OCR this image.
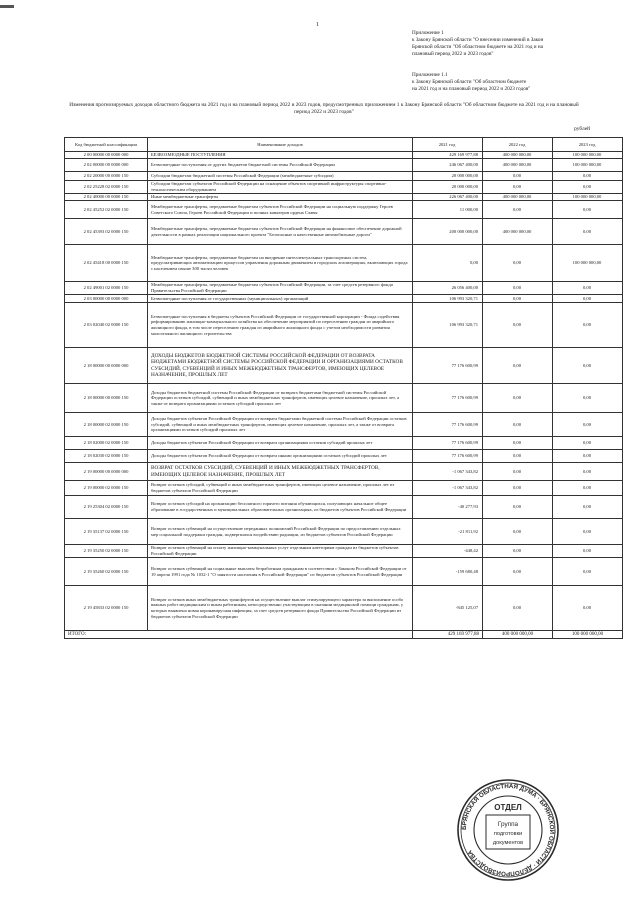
1
Приложение 1
к Закону Брянской области "О внесении изменений в Закон
Брянской области "Об областном бюджете на 2021 год и на
плановый период 2022 и 2023 годов"
Приложение 1.1
к Закону Брянской области "Об областном бюджете
на 2021 год и на плановый период 2022 и 2023 годов"
Изменения прогнозируемых доходов областного бюджета на 2021 год и на плановый период 2022 и 2023 годов, предусмотренных приложением 1 к Закону Брянской области "Об областном бюджете на 2021 год и на плановый период 2022 и 2023 годов"
рублей
Код бюджетной классификации	Наименование доходов	2021 год	2022 год	2023 год
2 00 00000 00 0000 000	БЕЗВОЗМЕЗДНЫЕ ПОСТУПЛЕНИЯ	429 169 977,88	400 000 000,00	100 000 000,00
2 02 00000 00 0000 000	Безвозмездные поступления от других бюджетов бюджетной системы Российской Федерации	246 067 400,00	400 000 000,00	100 000 000,00
2 02 20000 00 0000 150	Субсидии бюджетам бюджетной системы Российской Федерации (межбюджетные субсидии)	20 000 000,00	0,00	0,00
2 02 25228 02 0000 150	Субсидии бюджетам субъектов Российской Федерации на оснащение объектов спортивной инфраструктуры спортивно-технологическим оборудованием	20 000 000,00	0,00	0,00
2 02 40000 00 0000 150	Иные межбюджетные трансферты	226 067 400,00	400 000 000,00	100 000 000,00
2 02 45252 02 0000 150	Межбюджетные трансферты, передаваемые бюджетам субъектов Российской Федерации на социальную поддержку Героев Советского Союза, Героев Российской Федерации и полных кавалеров ордена Славы	11 000,00	0,00	0,00
2 02 45393 02 0000 150	Межбюджетные трансферты, передаваемые бюджетам субъектов Российской Федерации на финансовое обеспечение дорожной деятельности в рамках реализации национального проекта "Безопасные и качественные автомобильные дороги"	200 000 000,00	400 000 000,00	0,00
2 02 45418 00 0000 150	Межбюджетные трансферты, передаваемые бюджетам на внедрение интеллектуальных транспортных систем, предусматривающих автоматизацию процессов управления дорожным движением в городских агломерациях, включающих города с населением свыше 300 тысяч человек	0,00	0,00	100 000 000,00
2 02 49001 02 0000 150	Межбюджетные трансферты, передаваемые бюджетам субъектов Российской Федерации, за счет средств резервного фонда Правительства Российской Федерации	26 056 400,00	0,00	0,00
2 03 00000 00 0000 000	Безвозмездные поступления от государственных (муниципальных) организаций	106 993 320,71	0,00	0,00
2 03 02040 02 0000 150	Безвозмездные поступления в бюджеты субъектов Российской Федерации от государственной корпорации - Фонда содействия реформированию жилищно-коммунального хозяйства на обеспечение мероприятий по переселению граждан из аварийного жилищного фонда, в том числе переселению граждан из аварийного жилищного фонда с учетом необходимости развития малоэтажного жилищного строительства	106 993 320,71	0,00	0,00
2 18 00000 00 0000 000	ДОХОДЫ БЮДЖЕТОВ БЮДЖЕТНОЙ СИСТЕМЫ РОССИЙСКОЙ ФЕДЕРАЦИИ ОТ ВОЗВРАТА БЮДЖЕТАМИ БЮДЖЕТНОЙ СИСТЕМЫ РОССИЙСКОЙ ФЕДЕРАЦИИ И ОРГАНИЗАЦИЯМИ ОСТАТКОВ СУБСИДИЙ, СУБВЕНЦИЙ И ИНЫХ МЕЖБЮДЖЕТНЫХ ТРАНСФЕРТОВ, ИМЕЮЩИХ ЦЕЛЕВОЕ НАЗНАЧЕНИЕ, ПРОШЛЫХ ЛЕТ	77 176 600,99	0,00	0,00
2 18 00000 00 0000 150	Доходы бюджетов бюджетной системы Российской Федерации от возврата бюджетами бюджетной системы Российской Федерации остатков субсидий, субвенций и иных межбюджетных трансфертов, имеющих целевое назначение, прошлых лет, а также от возврата организациями остатков субсидий прошлых лет	77 176 600,99	0,00	0,00
2 18 00000 02 0000 150	Доходы бюджетов субъектов Российской Федерации от возврата бюджетами бюджетной системы Российской Федерации остатков субсидий, субвенций и иных межбюджетных трансфертов, имеющих целевое назначение, прошлых лет, а также от возврата организациями остатков субсидий прошлых лет	77 176 600,99	0,00	0,00
2 18 02000 02 0000 150	Доходы бюджетов субъектов Российской Федерации от возврата организациями остатков субсидий прошлых лет	77 176 600,99	0,00	0,00
2 18 02030 02 0000 150	Доходы бюджетов субъектов Российской Федерации от возврата иными организациями остатков субсидий прошлых лет	77 176 600,99	0,00	0,00
2 19 00000 00 0000 000	ВОЗВРАТ ОСТАТКОВ СУБСИДИЙ, СУБВЕНЦИЙ И ИНЫХ МЕЖБЮДЖЕТНЫХ ТРАНСФЕРТОВ, ИМЕЮЩИХ ЦЕЛЕВОЕ НАЗНАЧЕНИЕ, ПРОШЛЫХ ЛЕТ	-1 067 343,82	0,00	0,00
2 19 00000 02 0000 150	Возврат остатков субсидий, субвенций и иных межбюджетных трансфертов, имеющих целевое назначение, прошлых лет из бюджетов субъектов Российской Федерации	-1 067 343,82	0,00	0,00
2 19 25304 02 0000 150	Возврат остатков субсидий на организацию бесплатного горячего питания обучающихся, получающих начальное общее образование в государственных и муниципальных образовательных организациях, из бюджетов субъектов Российской Федерации	-40 277,93	0,00	0,00
2 19 35137 02 0000 150	Возврат остатков субвенций на осуществление переданных полномочий Российской Федерации по предоставлению отдельных мер социальной поддержки граждан, подвергшихся воздействию радиации, из бюджетов субъектов Российской Федерации	-21 811,92	0,00	0,00
2 19 35250 02 0000 150	Возврат остатков субвенций на оплату жилищно-коммунальных услуг отдельным категориям граждан из бюджетов субъектов Российской Федерации	-448,42	0,00	0,00
2 19 35260 02 0000 150	Возврат остатков субвенций на социальные выплаты безработным гражданам в соответствии с Законом Российской Федерации от 19 апреля 1991 года № 1032-1 "О занятости населения в Российской Федерации" из бюджетов субъектов Российской Федерации	-159 680,48	0,00	0,00
2 19 45833 02 0000 150	Возврат остатков иных межбюджетных трансфертов на осуществление выплат стимулирующего характера за выполнение особо важных работ медицинским и иным работникам, непосредственно участвующим в оказании медицинской помощи гражданам, у которых выявлена новая коронавирусная инфекция, за счет средств резервного фонда Правительства Российской Федерации из бюджетов субъектов Российской Федерации	-845 125,07	0,00	0,00
ИТОГО:		429 169 977,88	400 000 000,00	100 000 000,00
БРЯНСКАЯ ОБЛАСТНАЯ ДУМА · БРЯНСКОЙ ОБЛАСТИ · ДЕЛОПРОИЗВОДСТВА
ОТДЕЛ
Группа
подготовки
документов
